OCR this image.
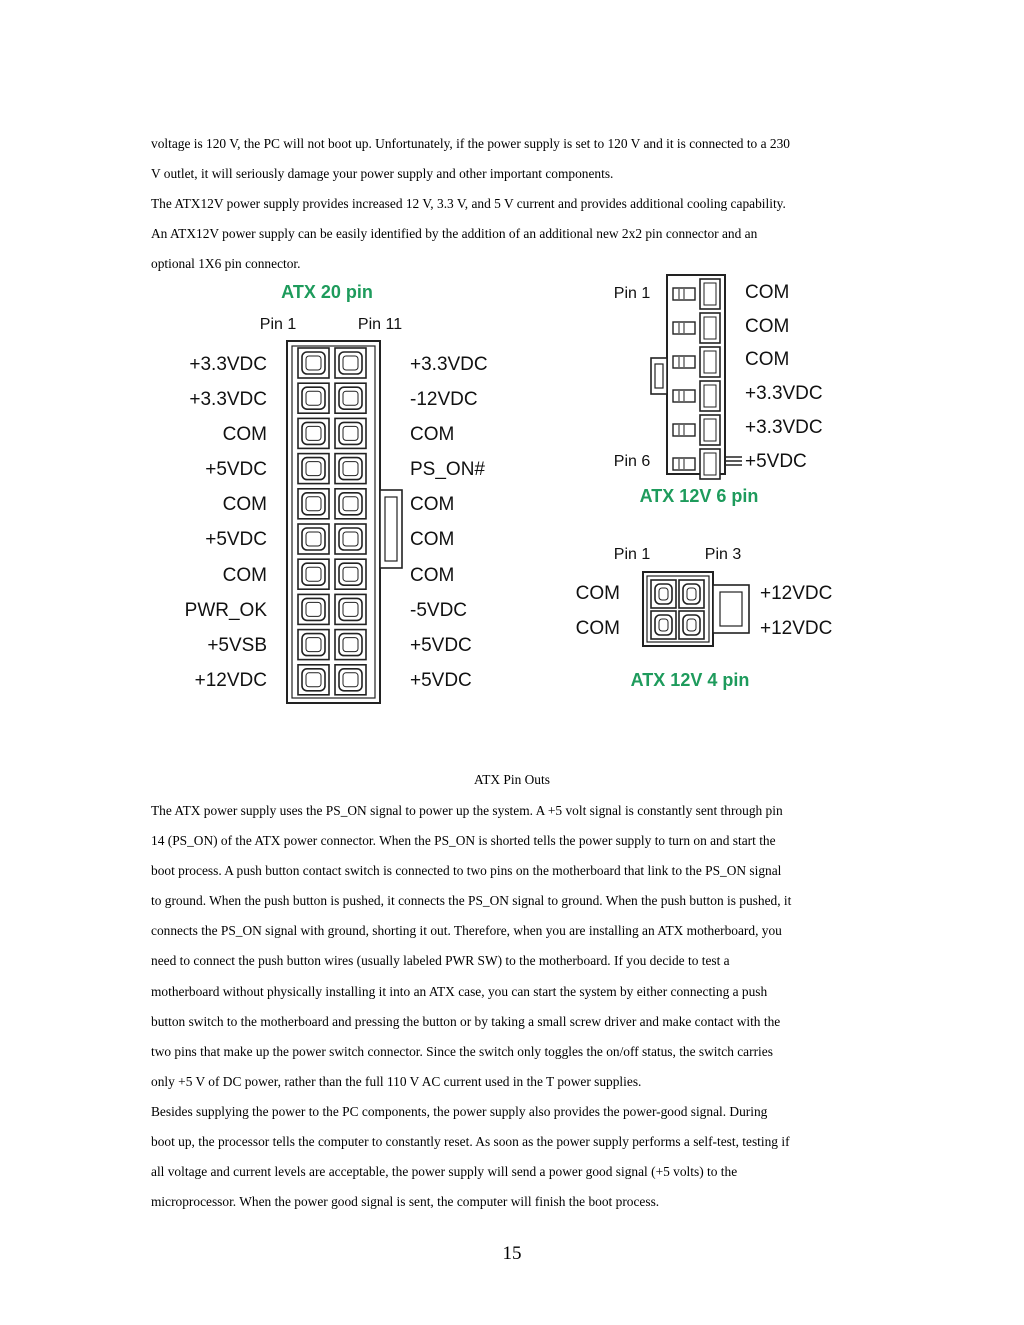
voltage is 120 V, the PC will not boot up. Unfortunately, if the power supply is set to 120 V and it is connected to a 230
V outlet, it will seriously damage your power supply and other important components.
The ATX12V power supply provides increased 12 V, 3.3 V, and 5 V current and provides additional cooling capability.
An ATX12V power supply can be easily identified by the addition of an additional new 2x2 pin connector and an
optional 1X6 pin connector.
ATX 20 pin
Pin 1	Pin 11
+3.3VDC
+3.3VDC
COM
+5VDC
COM
+5VDC
COM
PWR_OK
+5VSB
+12VDC
+3.3VDC
-12VDC
COM
PS_ON#
COM
COM
COM
-5VDC
+5VDC
+5VDC
Pin 1
Pin 6
COM
COM
COM
+3.3VDC
+3.3VDC
+5VDC
ATX 12V 6 pin
Pin 1	Pin 3
COM
COM
+12VDC
+12VDC
ATX 12V 4 pin
ATX Pin Outs
The ATX power supply uses the PS_ON signal to power up the system. A +5 volt signal is constantly sent through pin
14 (PS_ON) of the ATX power connector. When the PS_ON is shorted tells the power supply to turn on and start the
boot process. A push button contact switch is connected to two pins on the motherboard that link to the PS_ON signal
to ground. When the push button is pushed, it connects the PS_ON signal to ground. When the push button is pushed, it
connects the PS_ON signal with ground, shorting it out. Therefore, when you are installing an ATX motherboard, you
need to connect the push button wires (usually labeled PWR SW) to the motherboard. If you decide to test a
motherboard without physically installing it into an ATX case, you can start the system by either connecting a push
button switch to the motherboard and pressing the button or by taking a small screw driver and make contact with the
two pins that make up the power switch connector. Since the switch only toggles the on/off status, the switch carries
only +5 V of DC power, rather than the full 110 V AC current used in the T power supplies.
Besides supplying the power to the PC components, the power supply also provides the power-good signal. During
boot up, the processor tells the computer to constantly reset. As soon as the power supply performs a self-test, testing if
all voltage and current levels are acceptable, the power supply will send a power good signal (+5 volts) to the
microprocessor. When the power good signal is sent, the computer will finish the boot process.
15
